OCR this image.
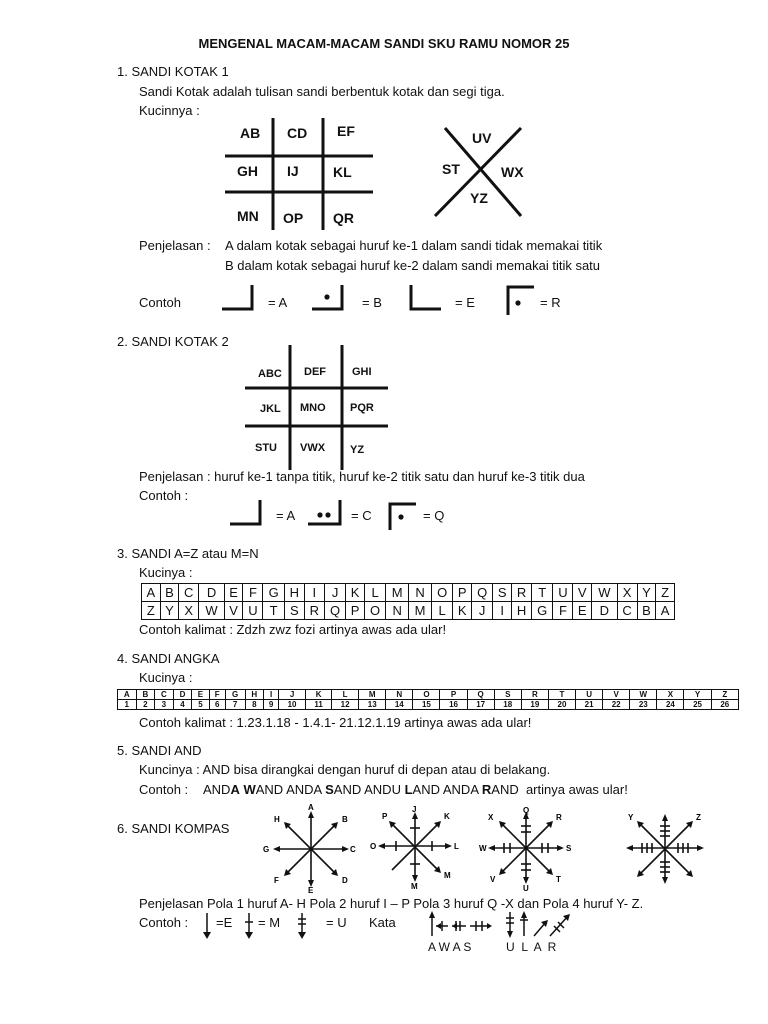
MENGENAL MACAM-MACAM SANDI SKU RAMU NOMOR 25
1. SANDI KOTAK 1
Sandi Kotak adalah tulisan sandi berbentuk kotak dan segi tiga.
Kucinnya :
AB CD EF
GH IJ KL
MN OP QR
UV
ST	WX
YZ
Penjelasan : A dalam kotak sebagai huruf ke-1 dalam sandi tidak memakai titik
B dalam kotak sebagai huruf ke-2 dalam sandi memakai titik satu
Contoh	= A	= B	= E	= R
2. SANDI KOTAK 2
ABC DEF GHI
JKL MNO PQR
STU VWX YZ
Penjelasan : huruf ke-1 tanpa titik, huruf ke-2 titik satu dan huruf ke-3 titik dua
Contoh :
= A	= C	= Q
3. SANDI A=Z atau M=N
Kucinya :
A	B	C	D	E	F	G	H	I	J	K	L	M	N	O	P	Q	S	R	T	U	V	W	X	Y	Z
Z	Y	X	W	V	U	T	S	R	Q	P	O	N	M	L	K	J	I	H	G	F	E	D	C	B	A
Contoh kalimat : Zdzh zwz fozi artinya awas ada ular!
4. SANDI ANGKA
Kucinya :
A	B	C	D	E	F	G	H	I	J	K	L	M	N	O	P	Q	S	R	T	U	V	W	X	Y	Z
1	2	3	4	5	6	7	8	9	10	11	12	13	14	15	16	17	18	19	20	21	22	23	24	25	26
Contoh kalimat : 1.23.1.18 - 1.4.1- 21.12.1.19 artinya awas ada ular!
5. SANDI AND
Kuncinya : AND bisa dirangkai dengan huruf di depan atau di belakang.
Contoh : ANDA WAND ANDA SAND ANDU LAND ANDA RAND  artinya awas ular!
6. SANDI KOMPAS
A
B
C
D
E
F
G
H
J
K
L
M
M
O
P
Q
R
S
T
U
V
W
X	Y	Z
Penjelasan Pola 1 huruf A- H Pola 2 huruf I – P Pola 3 huruf Q -X dan Pola 4 huruf Y- Z.
Contoh : =E = M	= U Kata
A W A S	U  L  A  R
